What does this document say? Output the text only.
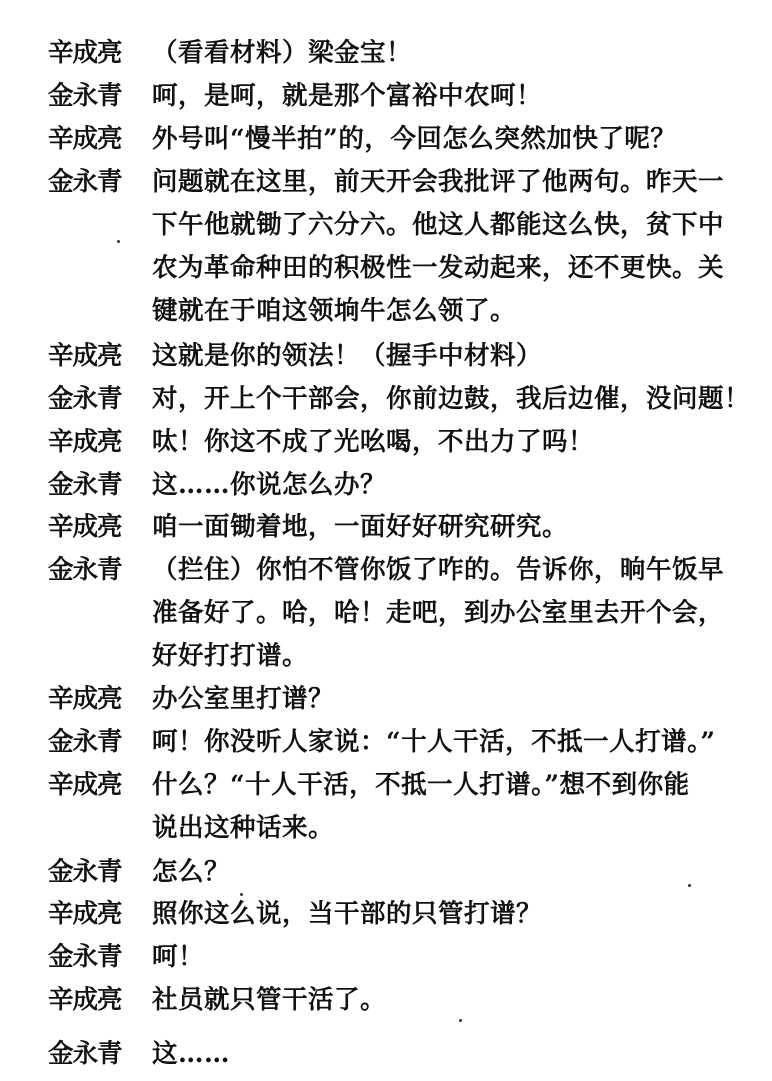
辛成亮	（看看材料）梁金宝！
金永青	呵，是呵，就是那个富裕中农呵！
辛成亮	外号叫“慢半拍”的，今回怎么突然加快了呢？
金永青	问题就在这里，前天开会我批评了他两句。昨天一
下午他就锄了六分六。他这人都能这么快，贫下中
农为革命种田的积极性一发动起来，还不更快。关
键就在于咱这领垧牛怎么领了。
辛成亮	这就是你的领法！（握手中材料）
金永青	对，开上个干部会，你前边鼓，我后边催，没问题！
辛成亮	呔！你这不成了光吆喝，不出力了吗！
金永青	这……你说怎么办？
辛成亮	咱一面锄着地，一面好好研究研究。
金永青	（拦住）你怕不管你饭了咋的。告诉你，晌午饭早
准备好了。哈，哈！走吧，到办公室里去开个会，
好好打打谱。
辛成亮	办公室里打谱？
金永青	呵！你没听人家说：“十人干活，不抵一人打谱。”
辛成亮	什么？“十人干活，不抵一人打谱。”想不到你能
说出这种话来。
金永青	怎么？
辛成亮	照你这么说，当干部的只管打谱？
金永青	呵！
辛成亮	社员就只管干活了。
金永青	这……
